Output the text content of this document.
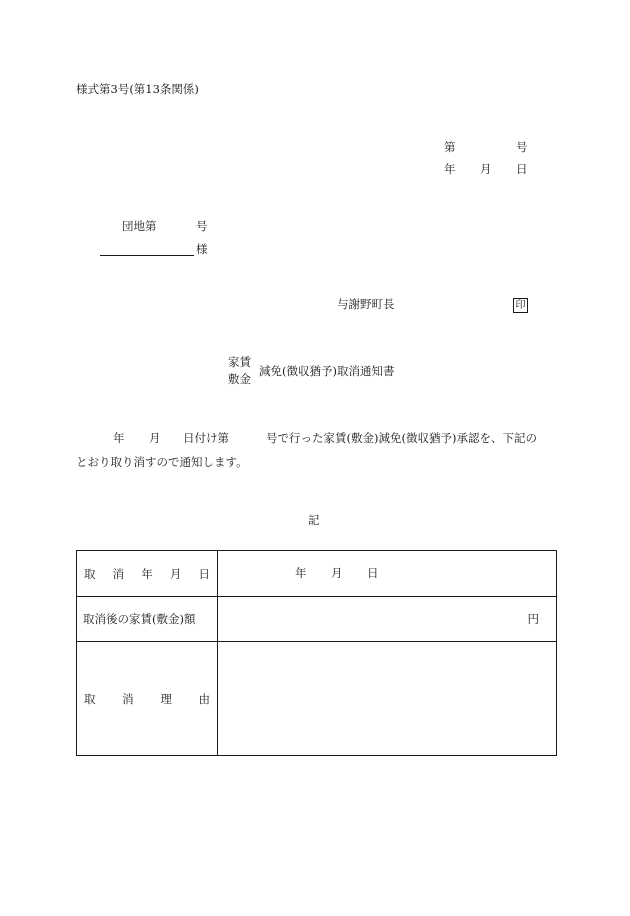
様式第3号(第13条関係)
第	号
年 月 日
団地第	号
様
与謝野町長	印
家賃
敷金
減免(徴収猶予)取消通知書
年 月 日付け第	号で行った家賃(敷金)減免(徴収猶予)承認を、下記の
とおり取り消すので通知します。
記
取 消 年 月 日	年 月 日

取消後の家賃(敷金)額	円

取 消 理 由	
